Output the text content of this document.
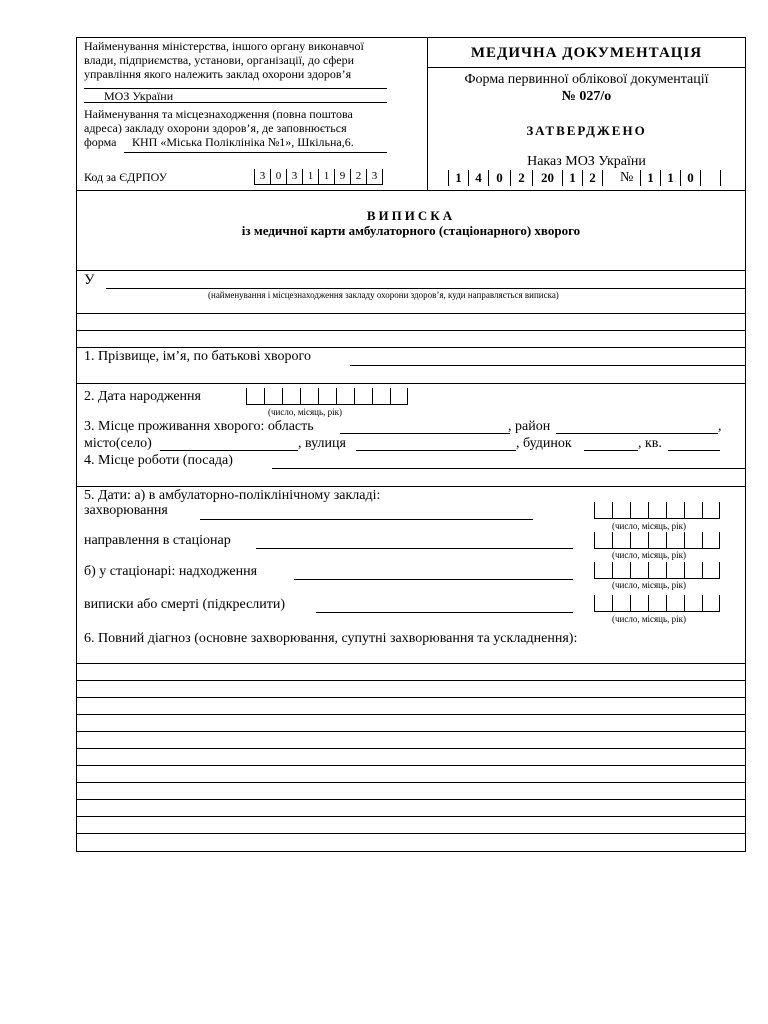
Найменування міністерства, іншого органу виконавчої
влади, підприємства, установи, організації, до сфери
управління якого належить заклад охорони здоров’я
МОЗ України
Найменування та місцезнаходження (повна поштова
адреса) закладу охорони здоров’я, де заповнюється
форма КНП «Міська Поліклініка №1», Шкільна,6.
Код за ЄДРПОУ	3 0 3 1 1 9 2 3
МЕДИЧНА ДОКУМЕНТАЦІЯ
Форма первинної облікової документації
№ 027/о
ЗАТВЕРДЖЕНО
Наказ МОЗ України
1	4	0	2	20	1	2	№	1	1	0
ВИПИСКА
із медичної карти амбулаторного (стаціонарного) хворого
У
(найменування і місцезнаходження закладу охорони здоров’я, куди направляється виписка)
1. Прізвище, ім’я, по батькові хворого
2. Дата народження
(число, місяць, рік)
3. Місце проживання хворого: область	, район	,
місто(село)	, вулиця	, будинок	, кв.
4. Місце роботи (посада)
5. Дати: а) в амбулаторно-поліклінічному закладі:
захворювання
(число, місяць, рік)
направлення в стаціонар
(число, місяць, рік)
б) у стаціонарі: надходження
(число, місяць, рік)
виписки або смерті (підкреслити)
(число, місяць, рік)
6. Повний діагноз (основне захворювання, супутні захворювання та ускладнення):
